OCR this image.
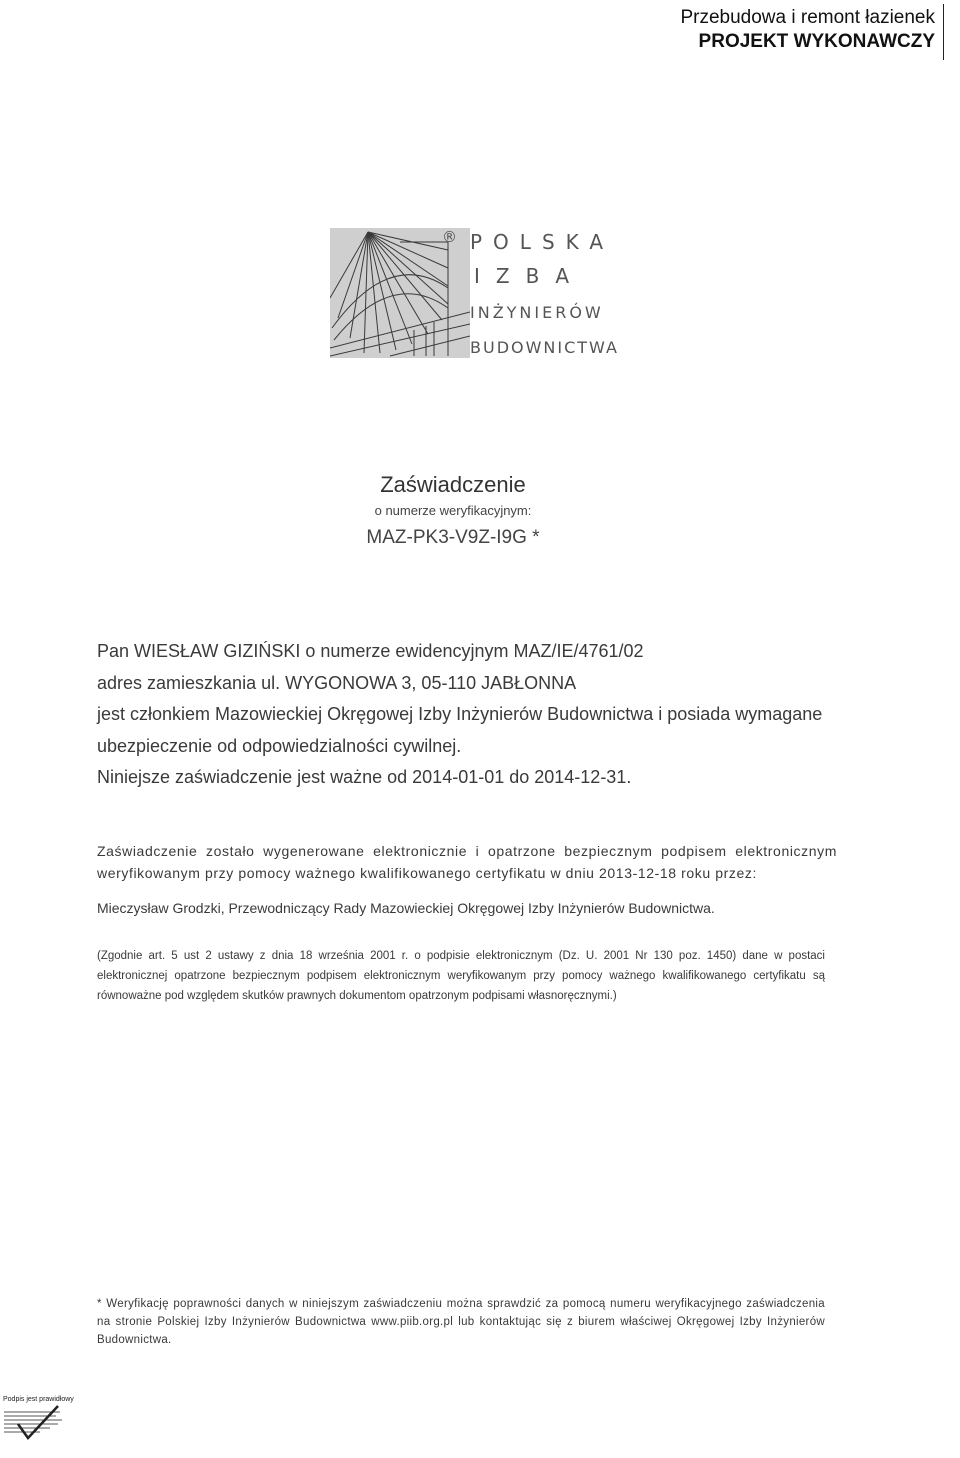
Przebudowa i remont łazienek
PROJEKT WYKONAWCZY
® POLSKA
IZBA
INŻYNIERÓW
BUDOWNICTWA
Zaświadczenie
o numerze weryfikacyjnym:
MAZ-PK3-V9Z-I9G *
Pan WIESŁAW GIZIŃSKI o numerze ewidencyjnym MAZ/IE/4761/02
adres zamieszkania ul. WYGONOWA 3, 05-110 JABŁONNA
jest członkiem Mazowieckiej Okręgowej Izby Inżynierów Budownictwa i posiada wymagane
ubezpieczenie od odpowiedzialności cywilnej.
Niniejsze zaświadczenie jest ważne od 2014-01-01 do 2014-12-31.
Zaświadczenie zostało wygenerowane elektronicznie i opatrzone bezpiecznym podpisem elektronicznym weryfikowanym przy pomocy ważnego kwalifikowanego certyfikatu w dniu 2013-12-18 roku przez:
Mieczysław Grodzki, Przewodniczący Rady Mazowieckiej Okręgowej Izby Inżynierów Budownictwa.
(Zgodnie art. 5 ust 2 ustawy z dnia 18 września 2001 r. o podpisie elektronicznym (Dz. U. 2001 Nr 130 poz. 1450) dane w postaci elektronicznej opatrzone bezpiecznym podpisem elektronicznym weryfikowanym przy pomocy ważnego kwalifikowanego certyfikatu są równoważne pod względem skutków prawnych dokumentom opatrzonym podpisami własnoręcznymi.)
* Weryfikację poprawności danych w niniejszym zaświadczeniu można sprawdzić za pomocą numeru weryfikacyjnego zaświadczenia na stronie Polskiej Izby Inżynierów Budownictwa www.piib.org.pl lub kontaktując się z biurem właściwej Okręgowej Izby Inżynierów Budownictwa.
Podpis jest prawidłowy
